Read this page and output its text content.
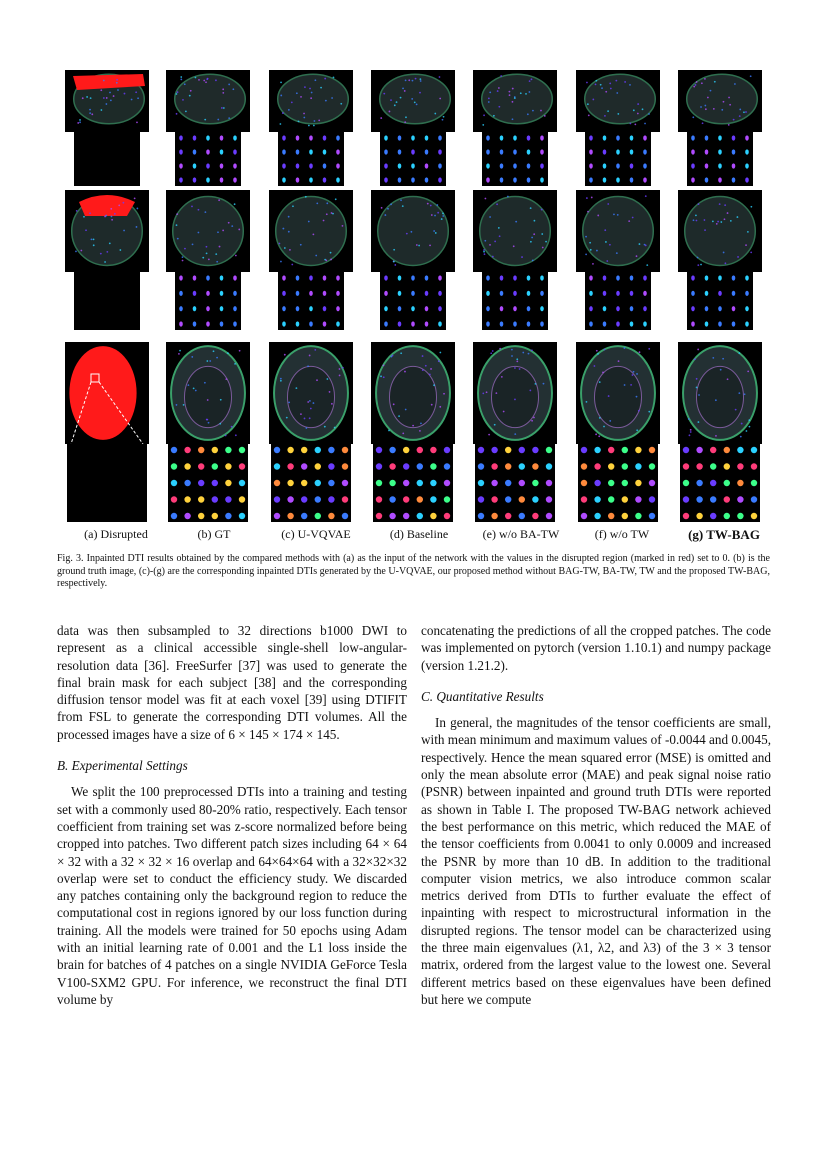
(a) Disrupted	(b) GT	(c) U-VQVAE	(d) Baseline	(e) w/o BA-TW	(f) w/o TW	(g) TW-BAG
Fig. 3. Inpainted DTI results obtained by the compared methods with (a) as the input of the network with the values in the disrupted region (marked in red) set to 0. (b) is the ground truth image, (c)-(g) are the corresponding inpainted DTIs generated by the U-VQVAE, our proposed method without BAG-TW, BA-TW, TW and the proposed TW-BAG, respectively.

data was then subsampled to 32 directions b1000 DWI to represent as a clinical accessible single-shell low-angular-resolution data [36]. FreeSurfer [37] was used to generate the final brain mask for each subject [38] and the corresponding diffusion tensor model was fit at each voxel [39] using DTIFIT from FSL to generate the corresponding DTI volumes. All the processed images have a size of 6 × 145 × 174 × 145.

B. Experimental Settings

We split the 100 preprocessed DTIs into a training and testing set with a commonly used 80-20% ratio, respectively. Each tensor coefficient from training set was z-score normalized before being cropped into patches. Two different patch sizes including 64 × 64 × 32 with a 32 × 32 × 16 overlap and 64×64×64 with a 32×32×32 overlap were set to conduct the efficiency study. We discarded any patches containing only the background region to reduce the computational cost in regions ignored by our loss function during training. All the models were trained for 50 epochs using Adam with an initial learning rate of 0.001 and the L1 loss inside the brain for batches of 4 patches on a single NVIDIA GeForce Tesla V100-SXM2 GPU. For inference, we reconstruct the final DTI volume by

concatenating the predictions of all the cropped patches. The code was implemented on pytorch (version 1.10.1) and numpy package (version 1.21.2).

C. Quantitative Results

In general, the magnitudes of the tensor coefficients are small, with mean minimum and maximum values of -0.0044 and 0.0045, respectively. Hence the mean squared error (MSE) is omitted and only the mean absolute error (MAE) and peak signal noise ratio (PSNR) between inpainted and ground truth DTIs were reported as shown in Table I. The proposed TW-BAG network achieved the best performance on this metric, which reduced the MAE of the tensor coefficients from 0.0041 to only 0.0009 and increased the PSNR by more than 10 dB. In addition to the traditional computer vision metrics, we also introduce common scalar metrics derived from DTIs to further evaluate the effect of inpainting with respect to microstructural information in the disrupted regions. The tensor model can be characterized using the three main eigenvalues (λ1, λ2, and λ3) of the 3 × 3 tensor matrix, ordered from the largest value to the lowest one. Several different metrics based on these eigenvalues have been defined but here we compute
